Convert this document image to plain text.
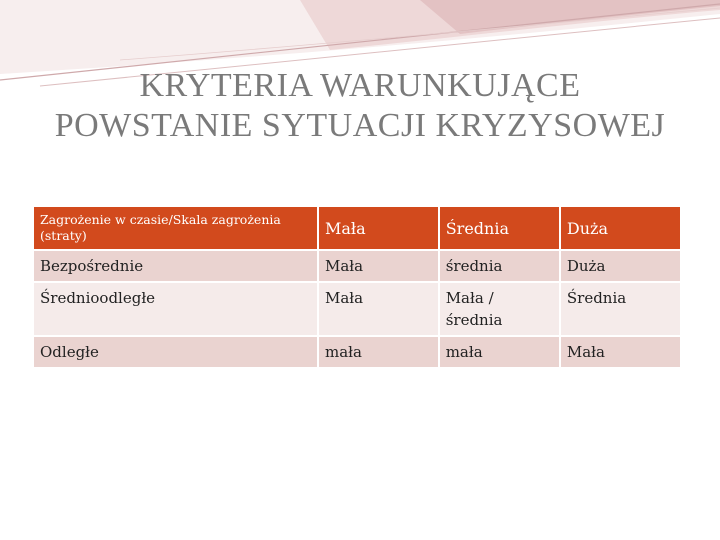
KRYTERIA WARUNKUJĄCE
POWSTANIE SYTUACJI KRYZYSOWEJ
Zagrożenie w czasie/Skala zagrożenia (straty)	Mała	Średnia	Duża
Bezpośrednie	Mała	średnia	Duża
Średnioodległe	Mała	Mała / średnia	Średnia
Odległe	mała	mała	Mała
